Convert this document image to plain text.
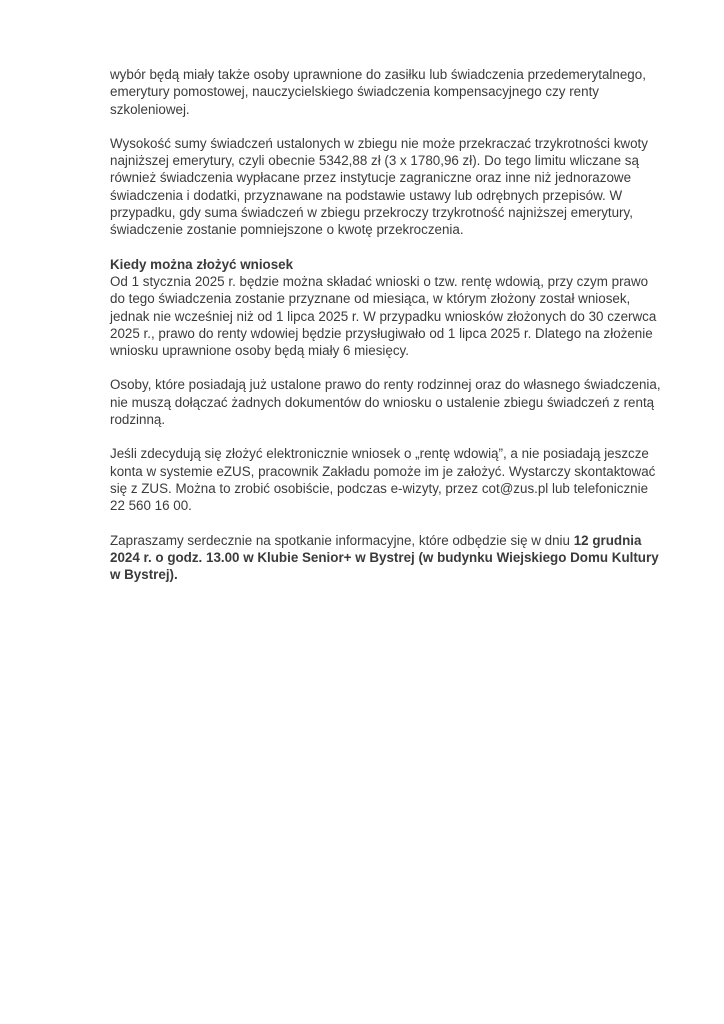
wybór będą miały także osoby uprawnione do zasiłku lub świadczenia przedemerytalnego, emerytury pomostowej, nauczycielskiego świadczenia kompensacyjnego czy renty szkoleniowej.

Wysokość sumy świadczeń ustalonych w zbiegu nie może przekraczać trzykrotności kwoty najniższej emerytury, czyli obecnie 5342,88 zł (3 x 1780,96 zł). Do tego limitu wliczane są również świadczenia wypłacane przez instytucje zagraniczne oraz inne niż jednorazowe świadczenia i dodatki, przyznawane na podstawie ustawy lub odrębnych przepisów. W przypadku, gdy suma świadczeń w zbiegu przekroczy trzykrotność najniższej emerytury, świadczenie zostanie pomniejszone o kwotę przekroczenia.

Kiedy można złożyć wniosek

Od 1 stycznia 2025 r. będzie można składać wnioski o tzw. rentę wdowią, przy czym prawo do tego świadczenia zostanie przyznane od miesiąca, w którym złożony został wniosek, jednak nie wcześniej niż od 1 lipca 2025 r. W przypadku wniosków złożonych do 30 czerwca 2025 r., prawo do renty wdowiej będzie przysługiwało od 1 lipca 2025 r. Dlatego na złożenie wniosku uprawnione osoby będą miały 6 miesięcy.

Osoby, które posiadają już ustalone prawo do renty rodzinnej oraz do własnego świadczenia, nie muszą dołączać żadnych dokumentów do wniosku o ustalenie zbiegu świadczeń z rentą rodzinną.

Jeśli zdecydują się złożyć elektronicznie wniosek o „rentę wdowią”, a nie posiadają jeszcze konta w systemie eZUS, pracownik Zakładu pomoże im je założyć. Wystarczy skontaktować się z ZUS. Można to zrobić osobiście, podczas e-wizyty, przez cot@zus.pl lub telefonicznie 22 560 16 00.

Zapraszamy serdecznie na spotkanie informacyjne, które odbędzie się w dniu 12 grudnia 2024 r. o godz. 13.00 w Klubie Senior+ w Bystrej (w budynku Wiejskiego Domu Kultury w Bystrej).
